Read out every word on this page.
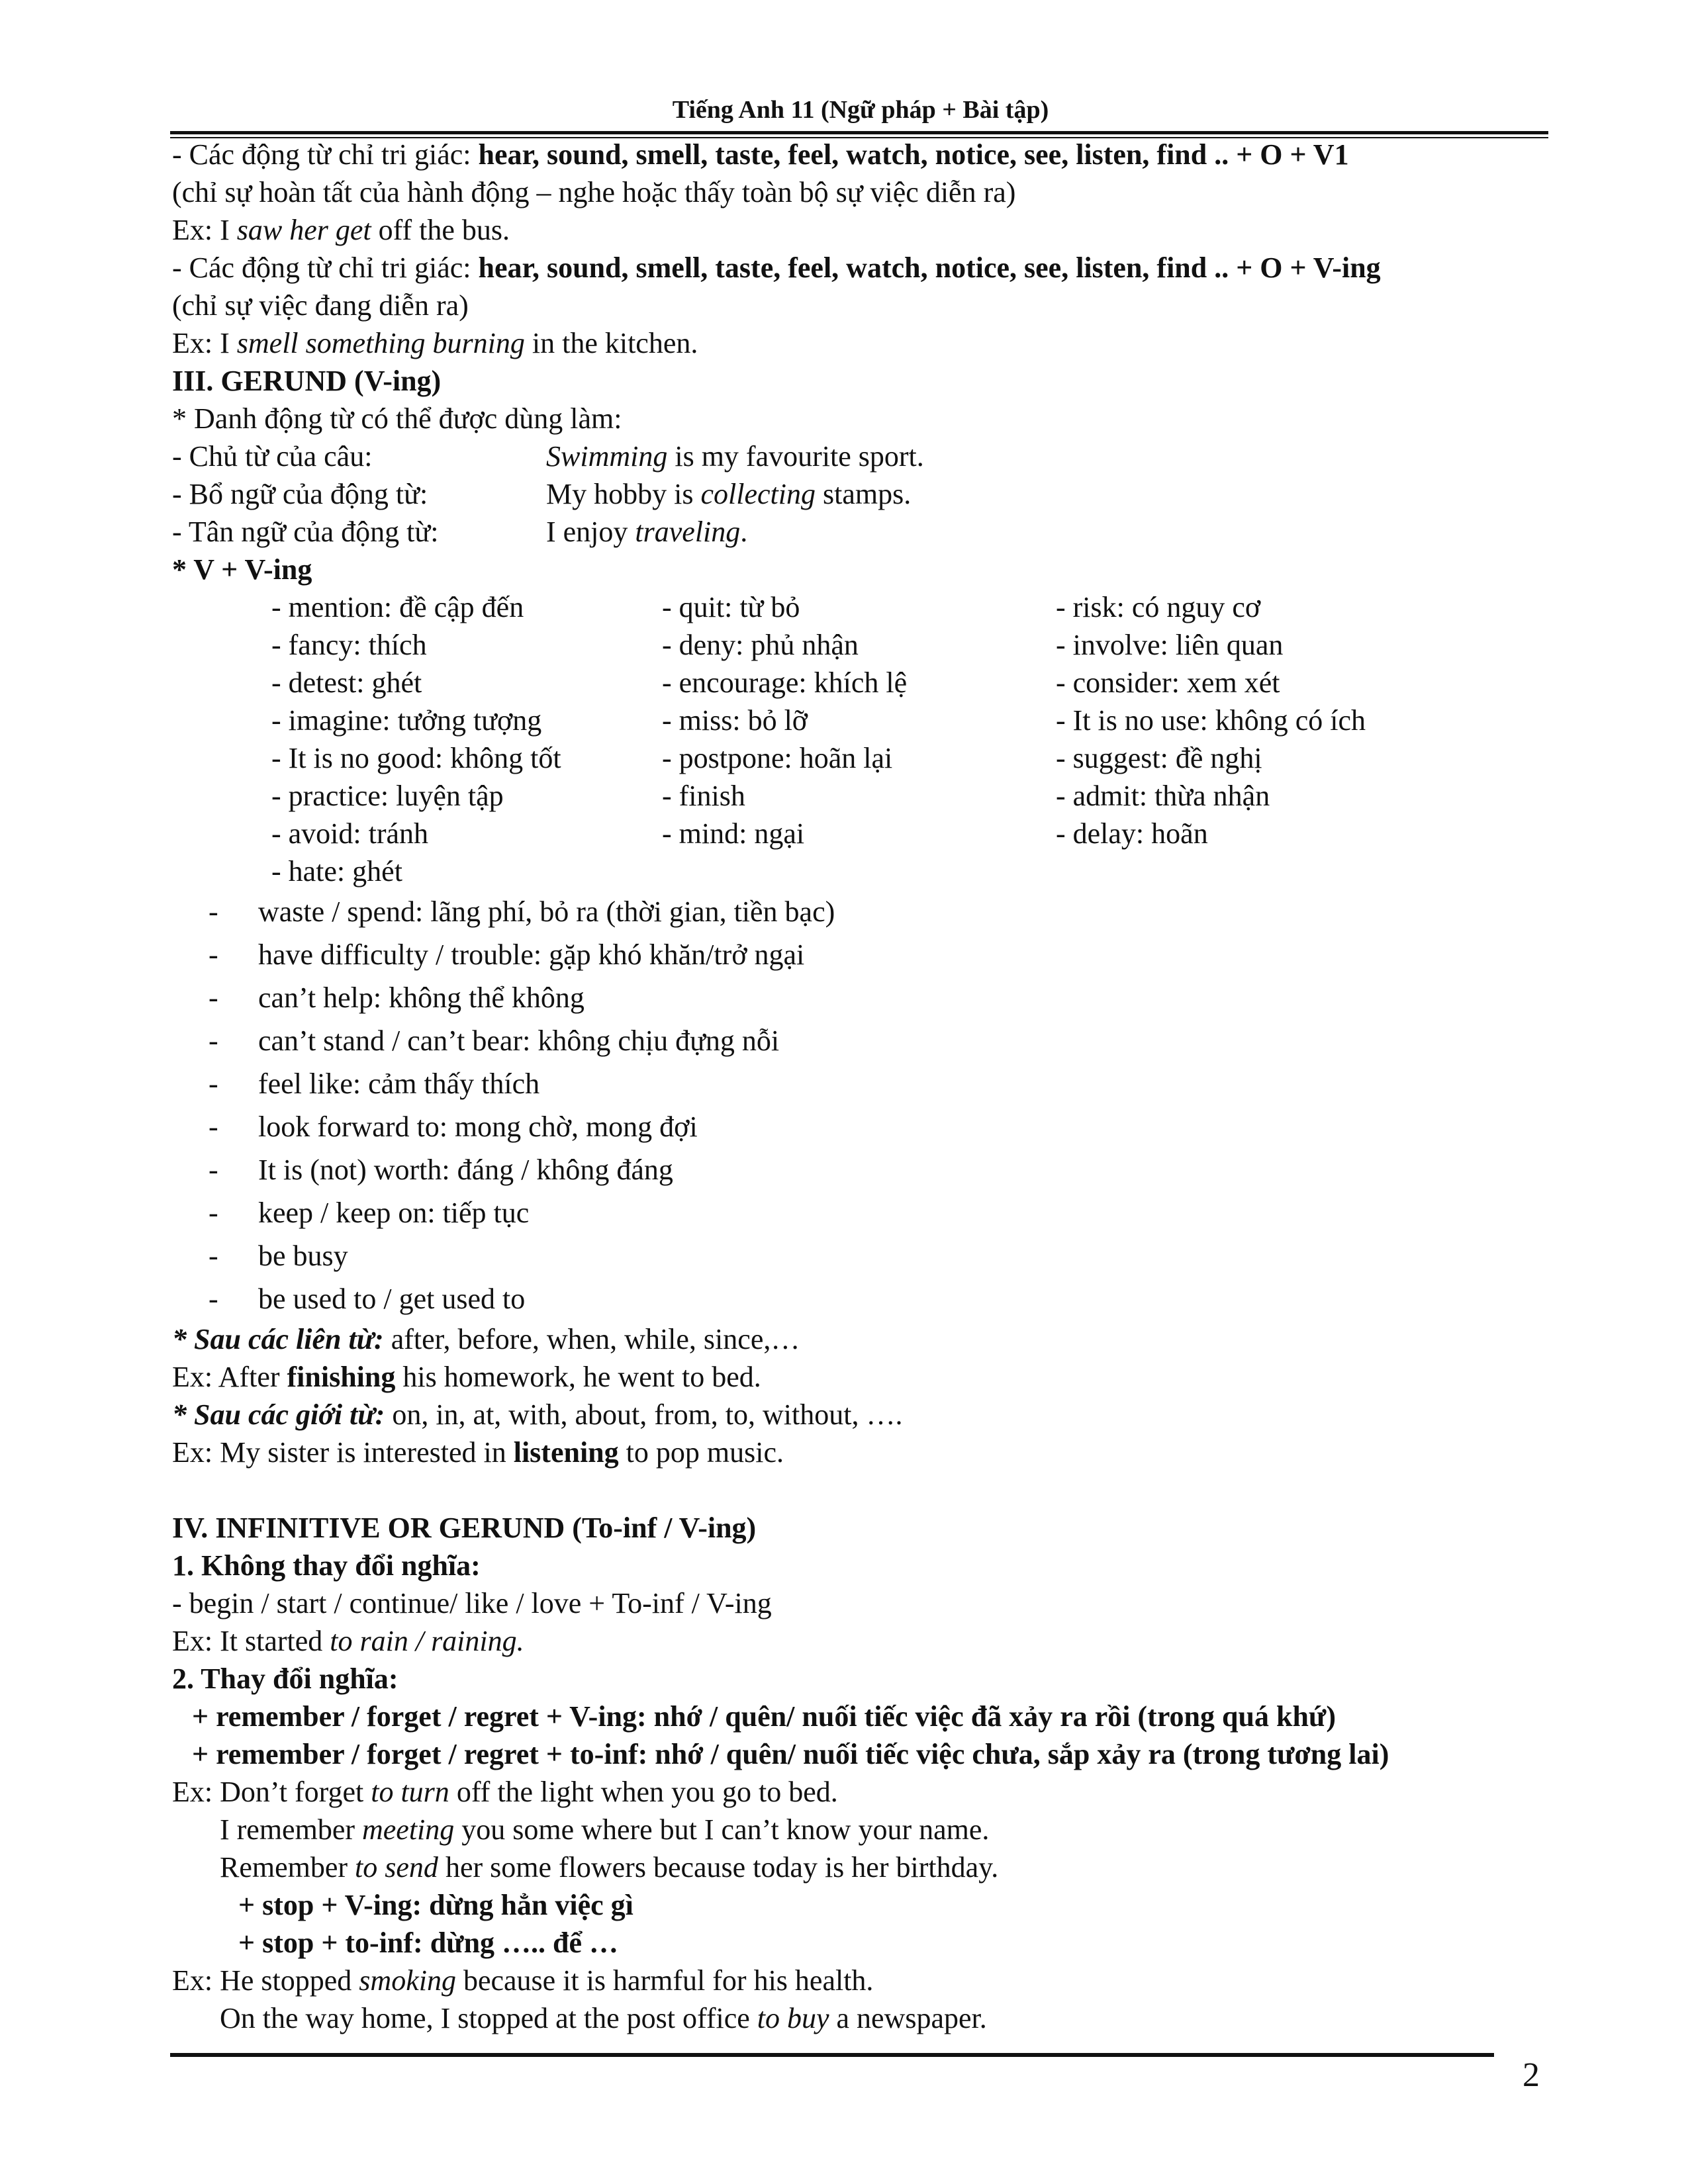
Tiếng Anh 11 (Ngữ pháp + Bài tập)
- Các động từ chỉ tri giác: hear, sound, smell, taste, feel, watch, notice, see, listen, find .. + O + V1
(chỉ sự hoàn tất của hành động – nghe hoặc thấy toàn bộ sự việc diễn ra)
Ex: I saw her get off the bus.
- Các động từ chỉ tri giác: hear, sound, smell, taste, feel, watch, notice, see, listen, find .. + O + V-ing
(chỉ sự việc đang diễn ra)
Ex: I smell something burning in the kitchen.
III. GERUND (V-ing)
* Danh động từ có thể được dùng làm:
- Chủ từ của câu:	Swimming is my favourite sport.
- Bổ ngữ của động từ:	My hobby is collecting stamps.
- Tân ngữ của động từ:	I enjoy traveling.
* V + V-ing
- mention: đề cập đến	- quit: từ bỏ	- risk: có nguy cơ
- fancy: thích	- deny: phủ nhận	- involve: liên quan
- detest: ghét	- encourage: khích lệ	- consider: xem xét
- imagine: tưởng tượng	- miss: bỏ lỡ	- It is no use: không có ích
- It is no good: không tốt	- postpone: hoãn lại	- suggest: đề nghị
- practice: luyện tập	- finish	- admit: thừa nhận
- avoid: tránh	- mind: ngại	- delay: hoãn
- hate: ghét
- waste / spend: lãng phí, bỏ ra (thời gian, tiền bạc)
- have difficulty / trouble: gặp khó khăn/trở ngại
- can’t help: không thể không
- can’t stand / can’t bear: không chịu đựng nỗi
- feel like: cảm thấy thích
- look forward to: mong chờ, mong đợi
- It is (not) worth: đáng / không đáng
- keep / keep on: tiếp tục
- be busy
- be used to / get used to
* Sau các liên từ: after, before, when, while, since,…
Ex: After finishing his homework, he went to bed.
* Sau các giới từ: on, in, at, with, about, from, to, without, ….
Ex: My sister is interested in listening to pop music.
IV. INFINITIVE OR GERUND (To-inf / V-ing)
1. Không thay đổi nghĩa:
- begin / start / continue/ like / love + To-inf / V-ing
Ex: It started to rain / raining.
2. Thay đổi nghĩa:
+ remember / forget / regret + V-ing: nhớ / quên/ nuối tiếc việc đã xảy ra rồi (trong quá khứ)
+ remember / forget / regret + to-inf: nhớ / quên/ nuối tiếc việc chưa, sắp xảy ra (trong tương lai)
Ex: Don’t forget to turn off the light when you go to bed.
I remember meeting you some where but I can’t know your name.
Remember to send her some flowers because today is her birthday.
+ stop + V-ing: dừng hẳn việc gì
+ stop + to-inf: dừng ….. để …
Ex: He stopped smoking because it is harmful for his health.
On the way home, I stopped at the post office to buy a newspaper.
2
